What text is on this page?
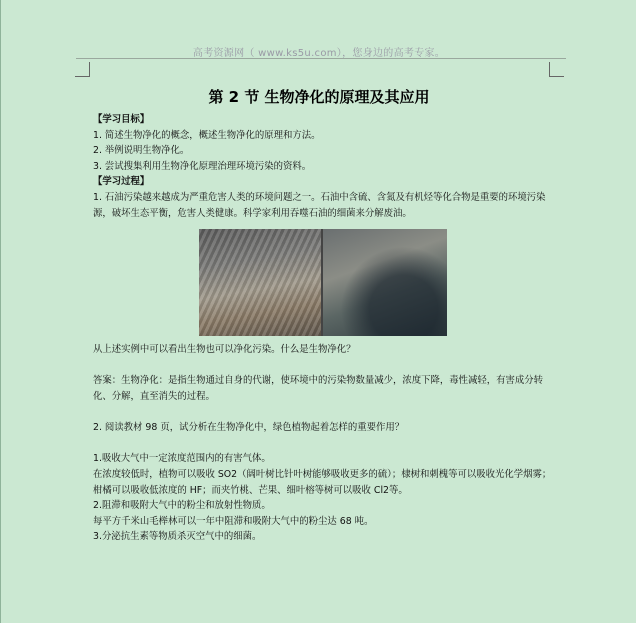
高考资源网（ www.ks5u.com），您身边的高考专家。
第 2 节 生物净化的原理及其应用
【学习目标】
1. 简述生物净化的概念，概述生物净化的原理和方法。
2. 举例说明生物净化。
3. 尝试搜集利用生物净化原理治理环境污染的资料。
【学习过程】
1. 石油污染越来越成为严重危害人类的环境问题之一。石油中含硫、含氮及有机烃等化合物是重要的环境污染源，破坏生态平衡，危害人类健康。科学家利用吞噬石油的细菌来分解废油。
从上述实例中可以看出生物也可以净化污染。什么是生物净化？
答案：生物净化：是指生物通过自身的代谢，使环境中的污染物数量减少，浓度下降，毒性减轻，有害成分转化、分解，直至消失的过程。
2. 阅读教材 98 页，试分析在生物净化中，绿色植物起着怎样的重要作用？
1.吸收大气中一定浓度范围内的有害气体。
在浓度较低时，植物可以吸收 SO2（阔叶树比针叶树能够吸收更多的硫）；棣树和刺槐等可以吸收光化学烟雾；柑橘可以吸收低浓度的 HF；而夹竹桃、芒果、细叶榕等树可以吸收 Cl2等。
2.阻滞和吸附大气中的粉尘和放射性物质。
每平方千米山毛榉林可以一年中阻滞和吸附大气中的粉尘达 68 吨。
3.分泌抗生素等物质杀灭空气中的细菌。
